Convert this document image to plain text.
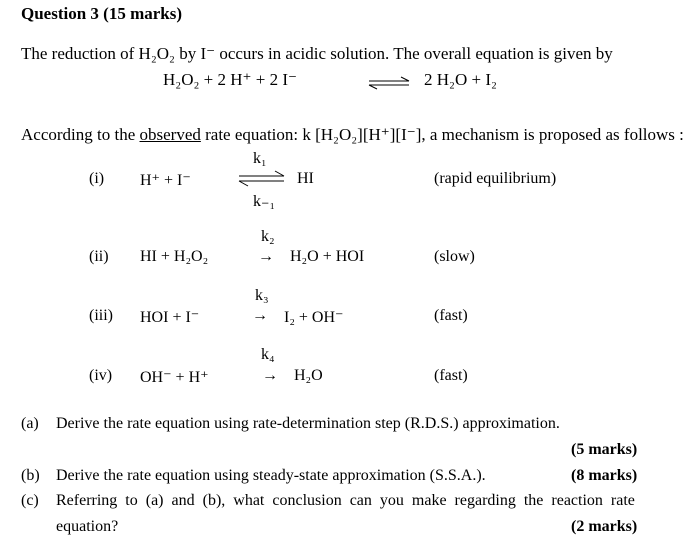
Question 3 (15 marks)
The reduction of H₂O₂ by I⁻ occurs in acidic solution. The overall equation is given by
H₂O₂ + 2 H⁺ + 2 I⁻	⇌ 2 H₂O + I₂
According to the observed rate equation: k [H₂O₂][H⁺][I⁻], a mechanism is proposed as follows :
k₁
(i) H⁺ + I⁻	HI	(rapid equilibrium)
k₋₁
k₂
(ii) HI + H₂O₂	→ H₂O + HOI	(slow)
k₃
(iii) HOI + I⁻	→ I₂ + OH⁻	(fast)
k₄
(iv) OH⁻ + H⁺	→ H₂O	(fast)
(a) Derive the rate equation using rate-determination step (R.D.S.) approximation.
(5 marks)
(b) Derive the rate equation using steady-state approximation (S.S.A.).	(8 marks)
(c) Referring to (a) and (b), what conclusion can you make regarding the reaction rate
equation?	(2 marks)
